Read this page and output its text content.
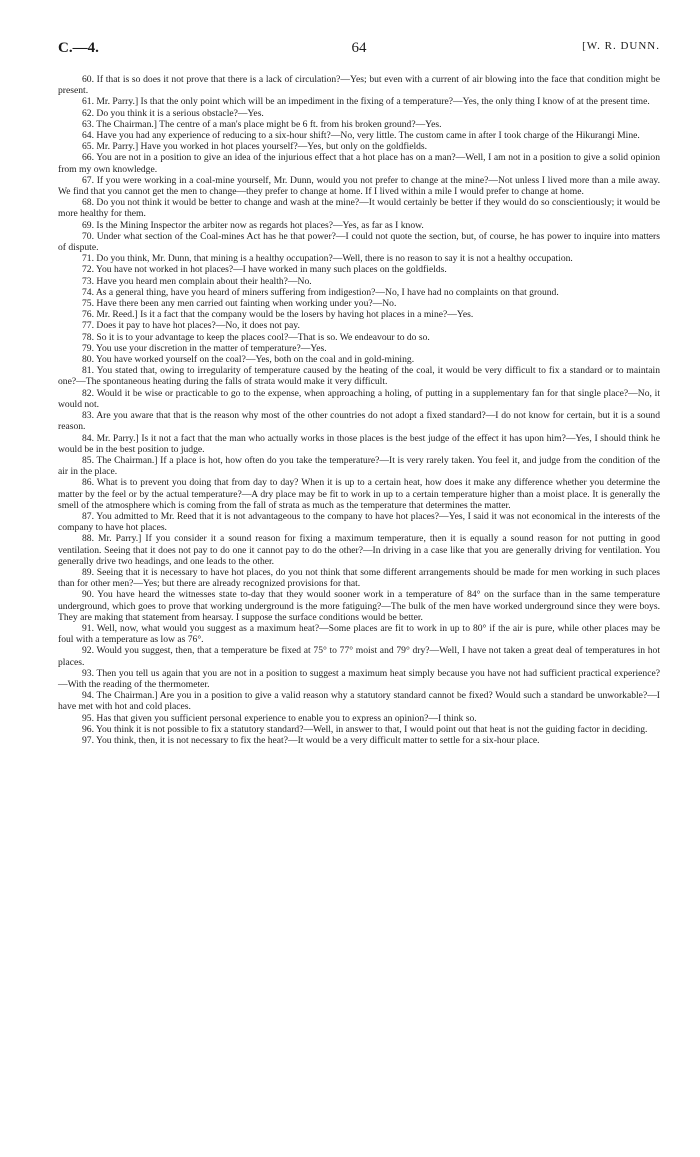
C.—4.	64	[W. R. DUNN.

60. If that is so does it not prove that there is a lack of circulation?—Yes; but even with a current of air blowing into the face that condition might be present.

61. Mr. Parry.] Is that the only point which will be an impediment in the fixing of a temperature?—Yes, the only thing I know of at the present time.

62. Do you think it is a serious obstacle?—Yes.

63. The Chairman.] The centre of a man's place might be 6 ft. from his broken ground?—Yes.

64. Have you had any experience of reducing to a six-hour shift?—No, very little. The custom came in after I took charge of the Hikurangi Mine.

65. Mr. Parry.] Have you worked in hot places yourself?—Yes, but only on the goldfields.

66. You are not in a position to give an idea of the injurious effect that a hot place has on a man?—Well, I am not in a position to give a solid opinion from my own knowledge.

67. If you were working in a coal-mine yourself, Mr. Dunn, would you not prefer to change at the mine?—Not unless I lived more than a mile away. We find that you cannot get the men to change—they prefer to change at home. If I lived within a mile I would prefer to change at home.

68. Do you not think it would be better to change and wash at the mine?—It would certainly be better if they would do so conscientiously; it would be more healthy for them.

69. Is the Mining Inspector the arbiter now as regards hot places?—Yes, as far as I know.

70. Under what section of the Coal-mines Act has he that power?—I could not quote the section, but, of course, he has power to inquire into matters of dispute.

71. Do you think, Mr. Dunn, that mining is a healthy occupation?—Well, there is no reason to say it is not a healthy occupation.

72. You have not worked in hot places?—I have worked in many such places on the goldfields.

73. Have you heard men complain about their health?—No.

74. As a general thing, have you heard of miners suffering from indigestion?—No, I have had no complaints on that ground.

75. Have there been any men carried out fainting when working under you?—No.

76. Mr. Reed.] Is it a fact that the company would be the losers by having hot places in a mine?—Yes.

77. Does it pay to have hot places?—No, it does not pay.

78. So it is to your advantage to keep the places cool?—That is so. We endeavour to do so.

79. You use your discretion in the matter of temperature?—Yes.

80. You have worked yourself on the coal?—Yes, both on the coal and in gold-mining.

81. You stated that, owing to irregularity of temperature caused by the heating of the coal, it would be very difficult to fix a standard or to maintain one?—The spontaneous heating during the falls of strata would make it very difficult.

82. Would it be wise or practicable to go to the expense, when approaching a holing, of putting in a supplementary fan for that single place?—No, it would not.

83. Are you aware that that is the reason why most of the other countries do not adopt a fixed standard?—I do not know for certain, but it is a sound reason.

84. Mr. Parry.] Is it not a fact that the man who actually works in those places is the best judge of the effect it has upon him?—Yes, I should think he would be in the best position to judge.

85. The Chairman.] If a place is hot, how often do you take the temperature?—It is very rarely taken. You feel it, and judge from the condition of the air in the place.

86. What is to prevent you doing that from day to day? When it is up to a certain heat, how does it make any difference whether you determine the matter by the feel or by the actual temperature?—A dry place may be fit to work in up to a certain temperature higher than a moist place. It is generally the smell of the atmosphere which is coming from the fall of strata as much as the temperature that determines the matter.

87. You admitted to Mr. Reed that it is not advantageous to the company to have hot places?—Yes, I said it was not economical in the interests of the company to have hot places.

88. Mr. Parry.] If you consider it a sound reason for fixing a maximum temperature, then it is equally a sound reason for not putting in good ventilation. Seeing that it does not pay to do one it cannot pay to do the other?—In driving in a case like that you are generally driving for ventilation. You generally drive two headings, and one leads to the other.

89. Seeing that it is necessary to have hot places, do you not think that some different arrangements should be made for men working in such places than for other men?—Yes; but there are already recognized provisions for that.

90. You have heard the witnesses state to-day that they would sooner work in a temperature of 84° on the surface than in the same temperature underground, which goes to prove that working underground is the more fatiguing?—The bulk of the men have worked underground since they were boys. They are making that statement from hearsay. I suppose the surface conditions would be better.

91. Well, now, what would you suggest as a maximum heat?—Some places are fit to work in up to 80° if the air is pure, while other places may be foul with a temperature as low as 76°.

92. Would you suggest, then, that a temperature be fixed at 75° to 77° moist and 79° dry?—Well, I have not taken a great deal of temperatures in hot places.

93. Then you tell us again that you are not in a position to suggest a maximum heat simply because you have not had sufficient practical experience?—With the reading of the thermometer.

94. The Chairman.] Are you in a position to give a valid reason why a statutory standard cannot be fixed? Would such a standard be unworkable?—I have met with hot and cold places.

95. Has that given you sufficient personal experience to enable you to express an opinion?—I think so.

96. You think it is not possible to fix a statutory standard?—Well, in answer to that, I would point out that heat is not the guiding factor in deciding.

97. You think, then, it is not necessary to fix the heat?—It would be a very difficult matter to settle for a six-hour place.
